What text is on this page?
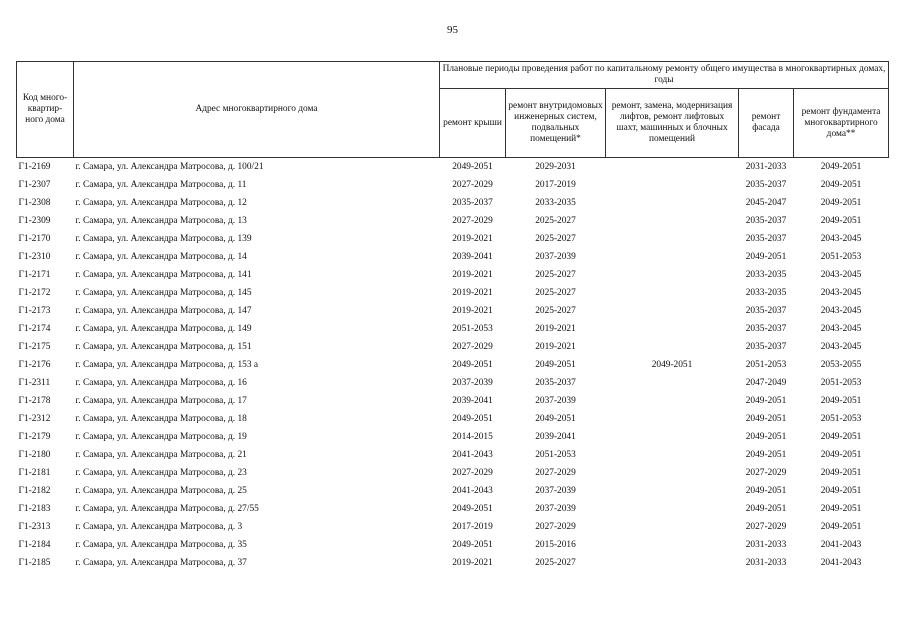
95
Код много-квартир-ного дома	Адрес многоквартирного дома	Плановые периоды проведения работ по капитальному ремонту общего имущества в многоквартирных домах, годы				
		ремонт крыши	ремонт внутридомовых инженерных систем, подвальных помещений*	ремонт, замена, модернизация лифтов, ремонт лифтовых шахт, машинных и блочных помещений	ремонт фасада	ремонт фундамента многоквартирного дома**
Г1-2169	г. Самара, ул. Александра Матросова, д. 100/21	2049-2051	2029-2031		2031-2033	2049-2051
Г1-2307	г. Самара, ул. Александра Матросова, д. 11	2027-2029	2017-2019		2035-2037	2049-2051
Г1-2308	г. Самара, ул. Александра Матросова, д. 12	2035-2037	2033-2035		2045-2047	2049-2051
Г1-2309	г. Самара, ул. Александра Матросова, д. 13	2027-2029	2025-2027		2035-2037	2049-2051
Г1-2170	г. Самара, ул. Александра Матросова, д. 139	2019-2021	2025-2027		2035-2037	2043-2045
Г1-2310	г. Самара, ул. Александра Матросова, д. 14	2039-2041	2037-2039		2049-2051	2051-2053
Г1-2171	г. Самара, ул. Александра Матросова, д. 141	2019-2021	2025-2027		2033-2035	2043-2045
Г1-2172	г. Самара, ул. Александра Матросова, д. 145	2019-2021	2025-2027		2033-2035	2043-2045
Г1-2173	г. Самара, ул. Александра Матросова, д. 147	2019-2021	2025-2027		2035-2037	2043-2045
Г1-2174	г. Самара, ул. Александра Матросова, д. 149	2051-2053	2019-2021		2035-2037	2043-2045
Г1-2175	г. Самара, ул. Александра Матросова, д. 151	2027-2029	2019-2021		2035-2037	2043-2045
Г1-2176	г. Самара, ул. Александра Матросова, д. 153 а	2049-2051	2049-2051	2049-2051	2051-2053	2053-2055
Г1-2311	г. Самара, ул. Александра Матросова, д. 16	2037-2039	2035-2037		2047-2049	2051-2053
Г1-2178	г. Самара, ул. Александра Матросова, д. 17	2039-2041	2037-2039		2049-2051	2049-2051
Г1-2312	г. Самара, ул. Александра Матросова, д. 18	2049-2051	2049-2051		2049-2051	2051-2053
Г1-2179	г. Самара, ул. Александра Матросова, д. 19	2014-2015	2039-2041		2049-2051	2049-2051
Г1-2180	г. Самара, ул. Александра Матросова, д. 21	2041-2043	2051-2053		2049-2051	2049-2051
Г1-2181	г. Самара, ул. Александра Матросова, д. 23	2027-2029	2027-2029		2027-2029	2049-2051
Г1-2182	г. Самара, ул. Александра Матросова, д. 25	2041-2043	2037-2039		2049-2051	2049-2051
Г1-2183	г. Самара, ул. Александра Матросова, д. 27/55	2049-2051	2037-2039		2049-2051	2049-2051
Г1-2313	г. Самара, ул. Александра Матросова, д. 3	2017-2019	2027-2029		2027-2029	2049-2051
Г1-2184	г. Самара, ул. Александра Матросова, д. 35	2049-2051	2015-2016		2031-2033	2041-2043
Г1-2185	г. Самара, ул. Александра Матросова, д. 37	2019-2021	2025-2027		2031-2033	2041-2043
